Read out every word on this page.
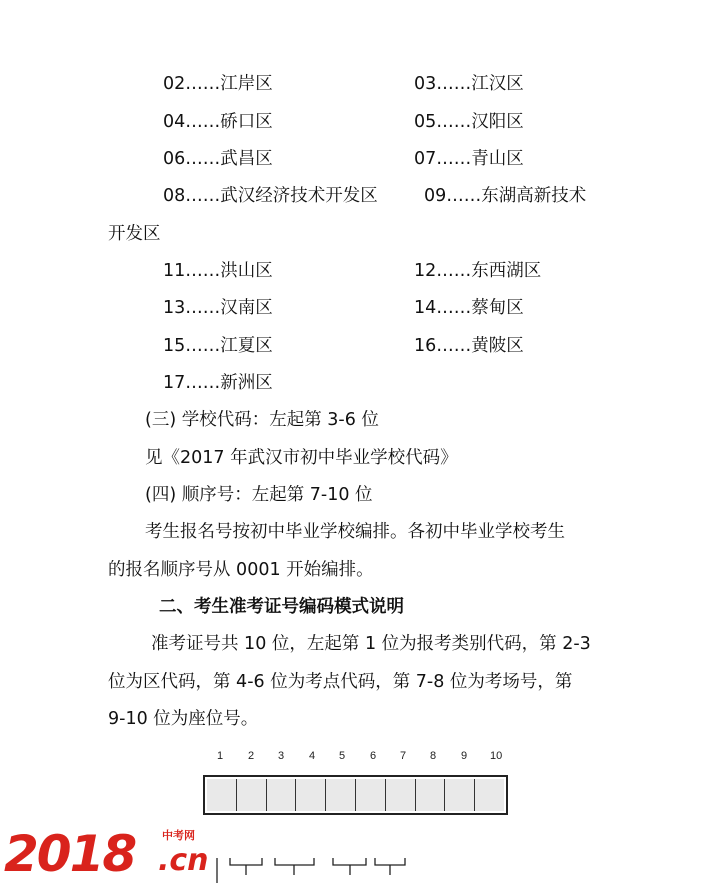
02……江岸区	03……江汉区
04……硚口区	05……汉阳区
06……武昌区	07……青山区
08……武汉经济技术开发区	09……东湖高新技术
开发区
11……洪山区	12……东西湖区
13……汉南区	14……蔡甸区
15……江夏区	16……黄陂区
17……新洲区
(三) 学校代码：左起第 3-6 位
见《2017 年武汉市初中毕业学校代码》
(四) 顺序号：左起第 7-10 位
考生报名号按初中毕业学校编排。各初中毕业学校考生
的报名顺序号从 0001 开始编排。
二、考生准考证号编码模式说明
准考证号共 10 位，左起第 1 位为报考类别代码，第 2-3
位为区代码，第 4-6 位为考点代码，第 7-8 位为考场号，第
9-10 位为座位号。
1 2 3 4 5 6 7 8 9 10
2018 中考网
.cn
